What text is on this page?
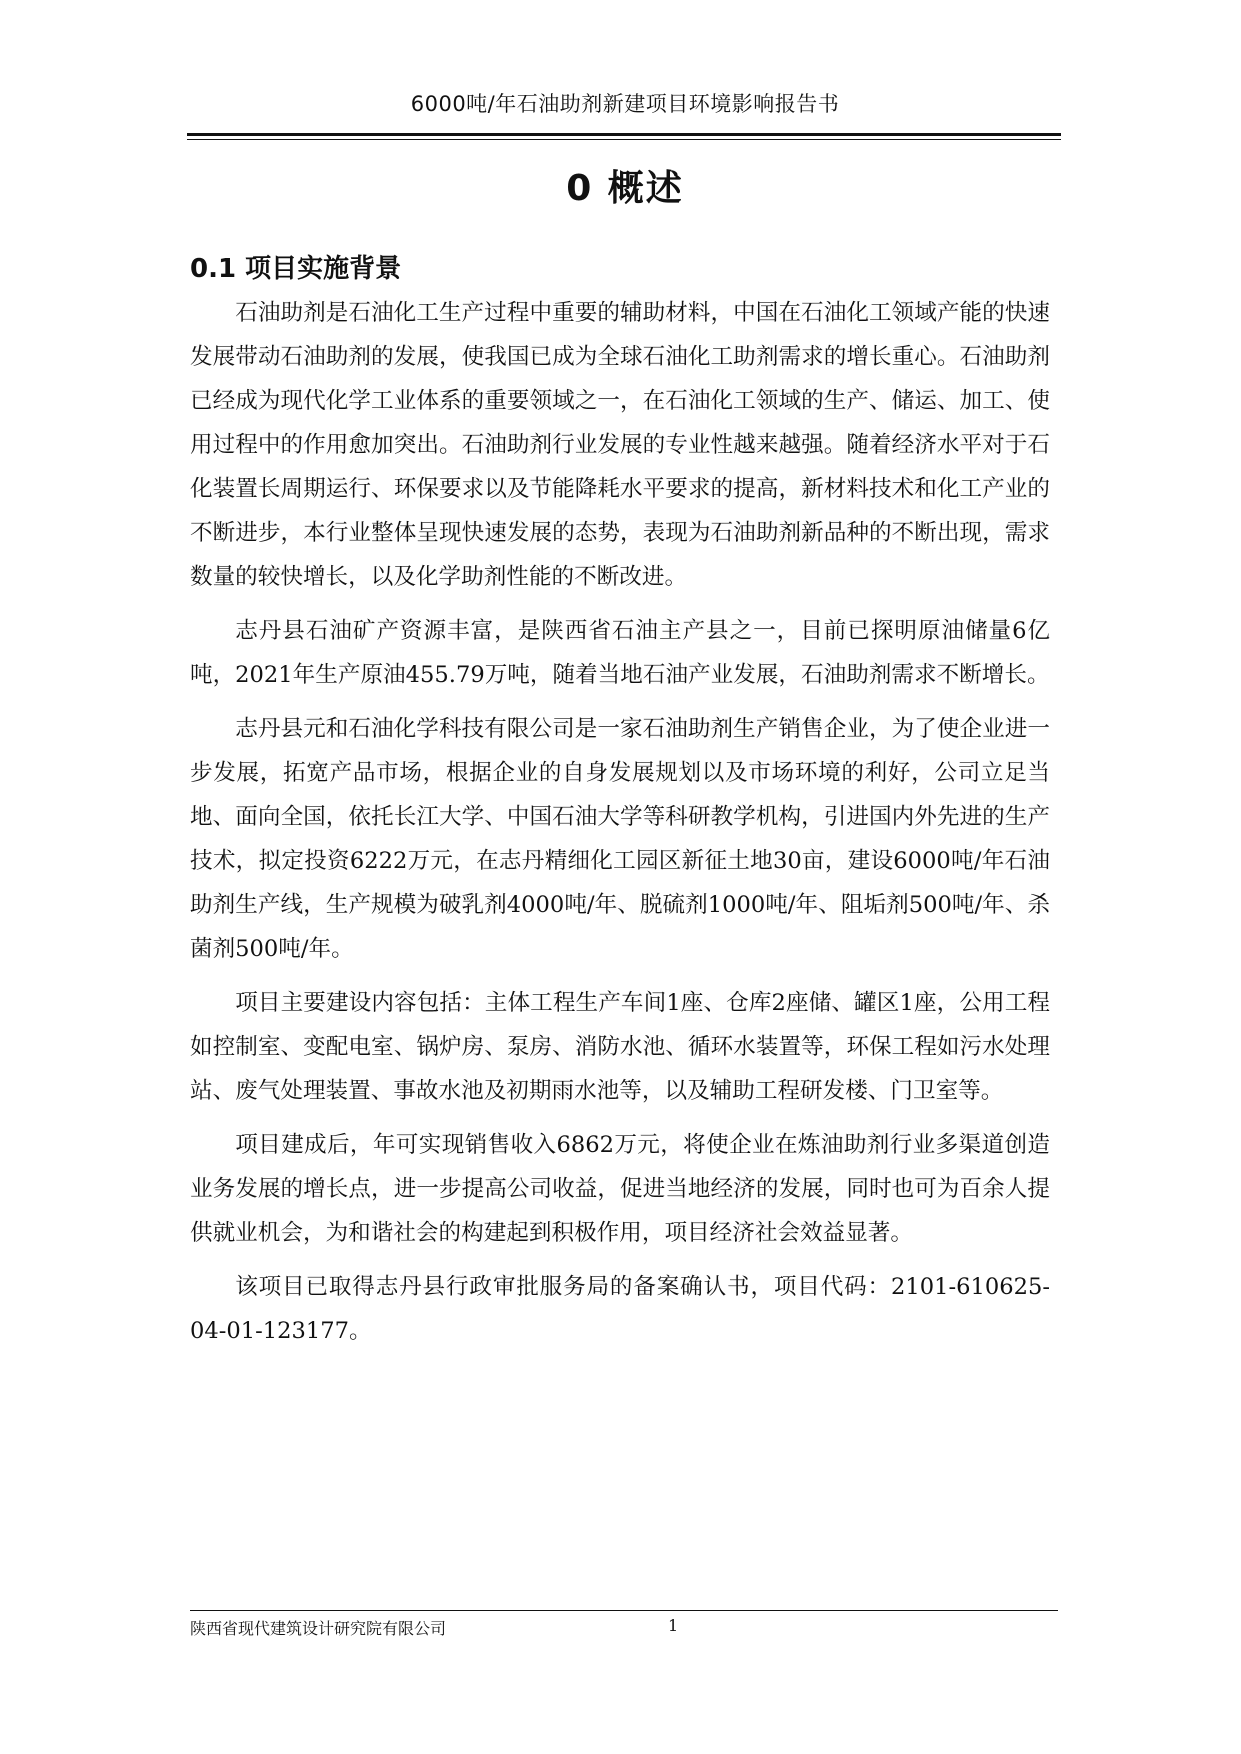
6000吨/年石油助剂新建项目环境影响报告书
0 概述
0.1 项目实施背景

石油助剂是石油化工生产过程中重要的辅助材料，中国在石油化工领域产能的快速发展带动石油助剂的发展，使我国已成为全球石油化工助剂需求的增长重心。石油助剂已经成为现代化学工业体系的重要领域之一，在石油化工领域的生产、储运、加工、使用过程中的作用愈加突出。石油助剂行业发展的专业性越来越强。随着经济水平对于石化装置长周期运行、环保要求以及节能降耗水平要求的提高，新材料技术和化工产业的不断进步，本行业整体呈现快速发展的态势，表现为石油助剂新品种的不断出现，需求数量的较快增长，以及化学助剂性能的不断改进。

志丹县石油矿产资源丰富，是陕西省石油主产县之一，目前已探明原油储量6亿吨，2021年生产原油455.79万吨，随着当地石油产业发展，石油助剂需求不断增长。

志丹县元和石油化学科技有限公司是一家石油助剂生产销售企业，为了使企业进一步发展，拓宽产品市场，根据企业的自身发展规划以及市场环境的利好，公司立足当地、面向全国，依托长江大学、中国石油大学等科研教学机构，引进国内外先进的生产技术，拟定投资6222万元，在志丹精细化工园区新征土地30亩，建设6000吨/年石油助剂生产线，生产规模为破乳剂4000吨/年、脱硫剂1000吨/年、阻垢剂500吨/年、杀菌剂500吨/年。

项目主要建设内容包括：主体工程生产车间1座、仓库2座储、罐区1座，公用工程如控制室、变配电室、锅炉房、泵房、消防水池、循环水装置等，环保工程如污水处理站、废气处理装置、事故水池及初期雨水池等，以及辅助工程研发楼、门卫室等。

项目建成后，年可实现销售收入6862万元，将使企业在炼油助剂行业多渠道创造业务发展的增长点，进一步提高公司收益，促进当地经济的发展，同时也可为百余人提供就业机会，为和谐社会的构建起到积极作用，项目经济社会效益显著。

该项目已取得志丹县行政审批服务局的备案确认书，项目代码：2101-610625-04-01-123177。

陕西省现代建筑设计研究院有限公司	1
